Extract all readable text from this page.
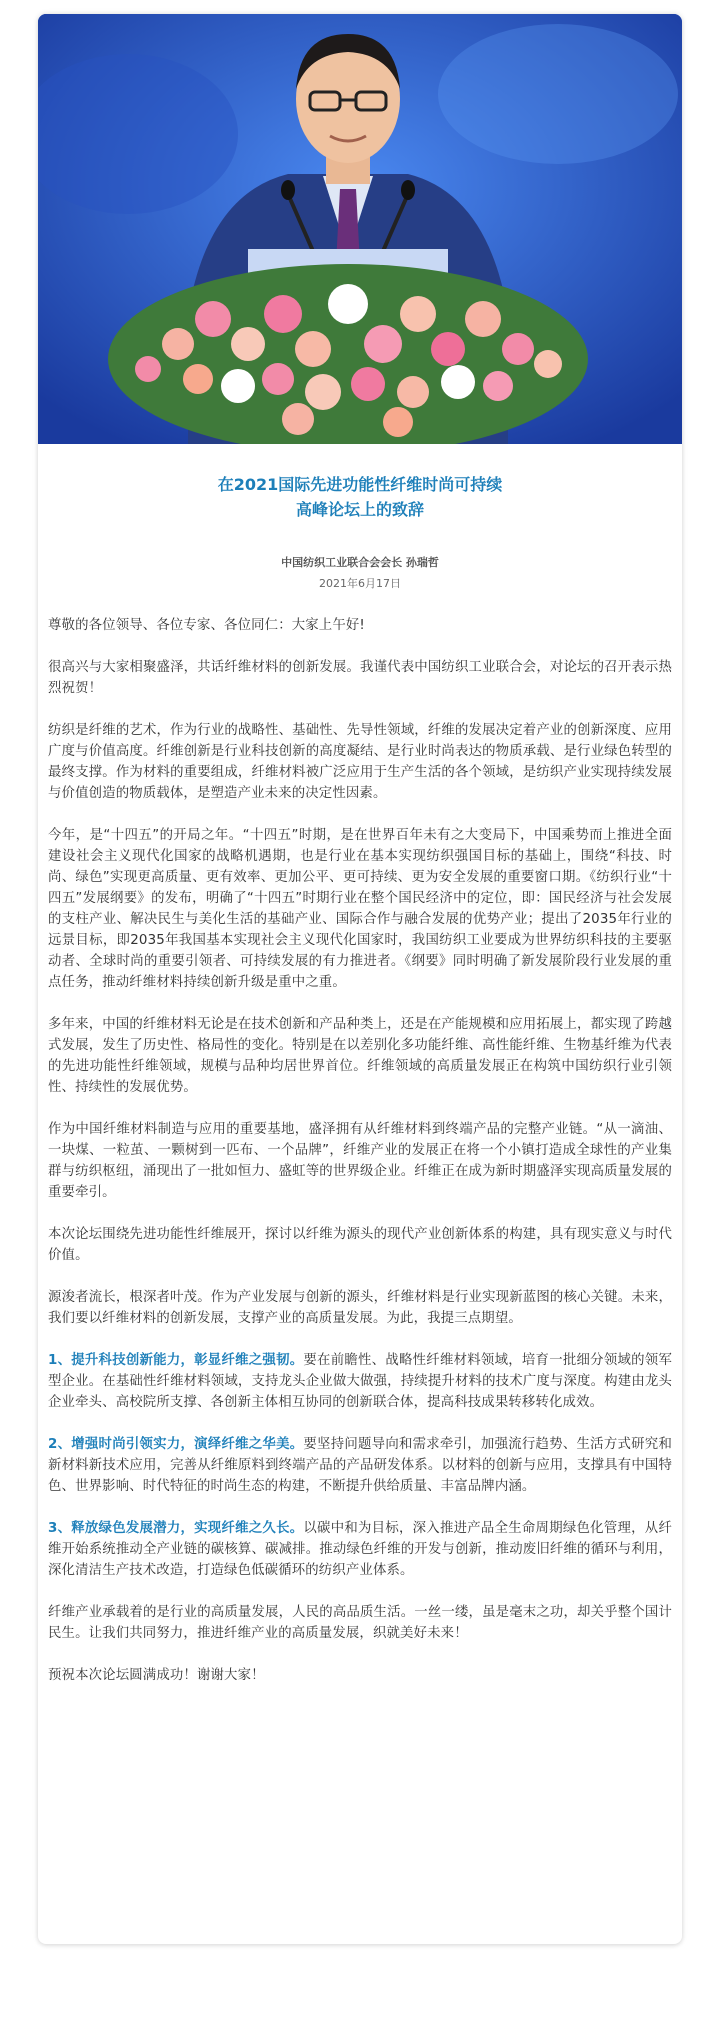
在2021国际先进功能性纤维时尚可持续
高峰论坛上的致辞
中国纺织工业联合会会长 孙瑞哲
2021年6月17日

尊敬的各位领导、各位专家、各位同仁：大家上午好!

很高兴与大家相聚盛泽，共话纤维材料的创新发展。我谨代表中国纺织工业联合会，对论坛的召开表示热烈祝贺！

纺织是纤维的艺术，作为行业的战略性、基础性、先导性领域，纤维的发展决定着产业的创新深度、应用广度与价值高度。纤维创新是行业科技创新的高度凝结、是行业时尚表达的物质承载、是行业绿色转型的最终支撑。作为材料的重要组成，纤维材料被广泛应用于生产生活的各个领域，是纺织产业实现持续发展与价值创造的物质载体，是塑造产业未来的决定性因素。

今年，是“十四五”的开局之年。“十四五”时期，是在世界百年未有之大变局下，中国乘势而上推进全面建设社会主义现代化国家的战略机遇期，也是行业在基本实现纺织强国目标的基础上，围绕“科技、时尚、绿色”实现更高质量、更有效率、更加公平、更可持续、更为安全发展的重要窗口期。《纺织行业“十四五”发展纲要》的发布，明确了“十四五”时期行业在整个国民经济中的定位，即：国民经济与社会发展的支柱产业、解决民生与美化生活的基础产业、国际合作与融合发展的优势产业；提出了2035年行业的远景目标，即2035年我国基本实现社会主义现代化国家时，我国纺织工业要成为世界纺织科技的主要驱动者、全球时尚的重要引领者、可持续发展的有力推进者。《纲要》同时明确了新发展阶段行业发展的重点任务，推动纤维材料持续创新升级是重中之重。

多年来，中国的纤维材料无论是在技术创新和产品种类上，还是在产能规模和应用拓展上，都实现了跨越式发展，发生了历史性、格局性的变化。特别是在以差别化多功能纤维、高性能纤维、生物基纤维为代表的先进功能性纤维领域，规模与品种均居世界首位。纤维领域的高质量发展正在构筑中国纺织行业引领性、持续性的发展优势。

作为中国纤维材料制造与应用的重要基地，盛泽拥有从纤维材料到终端产品的完整产业链。“从一滴油、一块煤、一粒茧、一颗树到一匹布、一个品牌”，纤维产业的发展正在将一个小镇打造成全球性的产业集群与纺织枢纽，涌现出了一批如恒力、盛虹等的世界级企业。纤维正在成为新时期盛泽实现高质量发展的重要牵引。

本次论坛围绕先进功能性纤维展开，探讨以纤维为源头的现代产业创新体系的构建，具有现实意义与时代价值。

源浚者流长，根深者叶茂。作为产业发展与创新的源头，纤维材料是行业实现新蓝图的核心关键。未来，我们要以纤维材料的创新发展，支撑产业的高质量发展。为此，我提三点期望。

1、提升科技创新能力，彰显纤维之强韧。要在前瞻性、战略性纤维材料领域，培育一批细分领域的领军型企业。在基础性纤维材料领域，支持龙头企业做大做强，持续提升材料的技术广度与深度。构建由龙头企业牵头、高校院所支撑、各创新主体相互协同的创新联合体，提高科技成果转移转化成效。

2、增强时尚引领实力，演绎纤维之华美。要坚持问题导向和需求牵引，加强流行趋势、生活方式研究和新材料新技术应用，完善从纤维原料到终端产品的产品研发体系。以材料的创新与应用，支撑具有中国特色、世界影响、时代特征的时尚生态的构建，不断提升供给质量、丰富品牌内涵。

3、释放绿色发展潜力，实现纤维之久长。以碳中和为目标，深入推进产品全生命周期绿色化管理，从纤维开始系统推动全产业链的碳核算、碳减排。推动绿色纤维的开发与创新，推动废旧纤维的循环与利用，深化清洁生产技术改造，打造绿色低碳循环的纺织产业体系。

纤维产业承载着的是行业的高质量发展，人民的高品质生活。一丝一缕，虽是毫末之功，却关乎整个国计民生。让我们共同努力，推进纤维产业的高质量发展，织就美好未来！

预祝本次论坛圆满成功！谢谢大家！
